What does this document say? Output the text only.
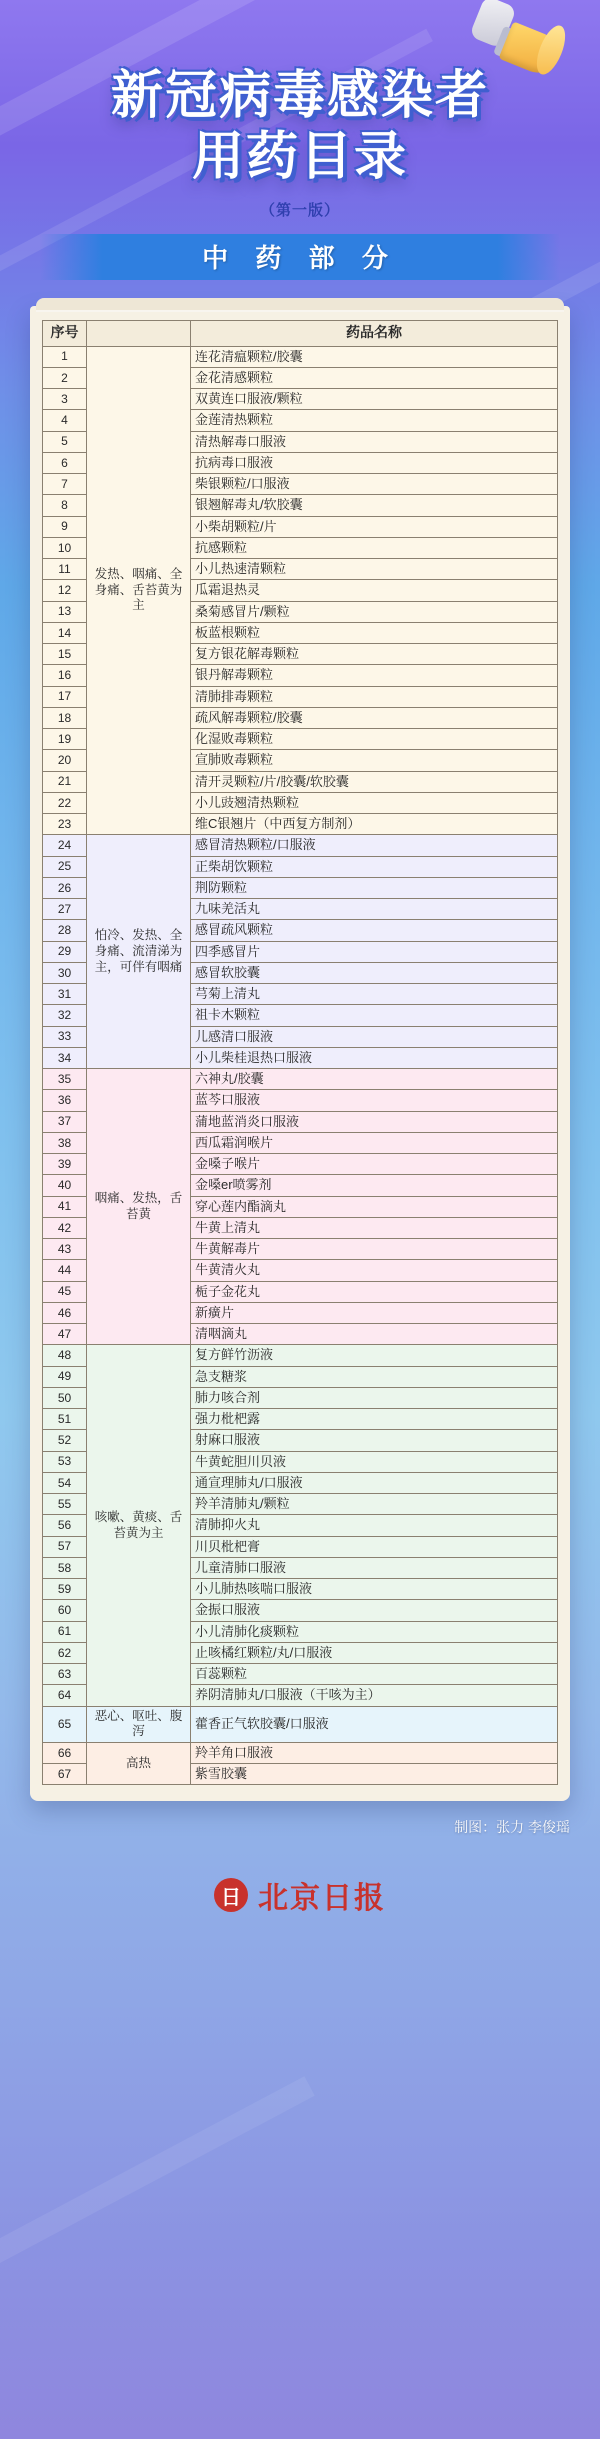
新冠病毒感染者
用药目录
（第一版）
中 药 部 分
序号		药品名称
1	发热、咽痛、全身痛、舌苔黄为主	连花清瘟颗粒/胶囊
2		金花清感颗粒
3		双黄连口服液/颗粒
4		金莲清热颗粒
5		清热解毒口服液
6		抗病毒口服液
7		柴银颗粒/口服液
8		银翘解毒丸/软胶囊
9		小柴胡颗粒/片
10		抗感颗粒
11		小儿热速清颗粒
12		瓜霜退热灵
13		桑菊感冒片/颗粒
14		板蓝根颗粒
15		复方银花解毒颗粒
16		银丹解毒颗粒
17		清肺排毒颗粒
18		疏风解毒颗粒/胶囊
19		化湿败毒颗粒
20		宣肺败毒颗粒
21		清开灵颗粒/片/胶囊/软胶囊
22		小儿豉翘清热颗粒
23		维C银翘片（中西复方制剂）
24	怕冷、发热、全身痛、流清涕为主，可伴有咽痛	感冒清热颗粒/口服液
25		正柴胡饮颗粒
26		荆防颗粒
27		九味羌活丸
28		感冒疏风颗粒
29		四季感冒片
30		感冒软胶囊
31		芎菊上清丸
32		祖卡木颗粒
33		儿感清口服液
34		小儿柴桂退热口服液
35	咽痛、发热，舌苔黄	六神丸/胶囊
36		蓝芩口服液
37		蒲地蓝消炎口服液
38		西瓜霜润喉片
39		金嗓子喉片
40		金嗓er喷雾剂
41		穿心莲内酯滴丸
42		牛黄上清丸
43		牛黄解毒片
44		牛黄清火丸
45		栀子金花丸
46		新癀片
47		清咽滴丸
48	咳嗽、黄痰、舌苔黄为主	复方鲜竹沥液
49		急支糖浆
50		肺力咳合剂
51		强力枇杷露
52		射麻口服液
53		牛黄蛇胆川贝液
54		通宣理肺丸/口服液
55		羚羊清肺丸/颗粒
56		清肺抑火丸
57		川贝枇杷膏
58		儿童清肺口服液
59		小儿肺热咳喘口服液
60		金振口服液
61		小儿清肺化痰颗粒
62		止咳橘红颗粒/丸/口服液
63		百蕊颗粒
64		养阴清肺丸/口服液（干咳为主）
65	恶心、呕吐、腹泻	藿香正气软胶囊/口服液
66	高热	羚羊角口服液
67		紫雪胶囊
制图：张力 李俊瑶
日 北京日报
